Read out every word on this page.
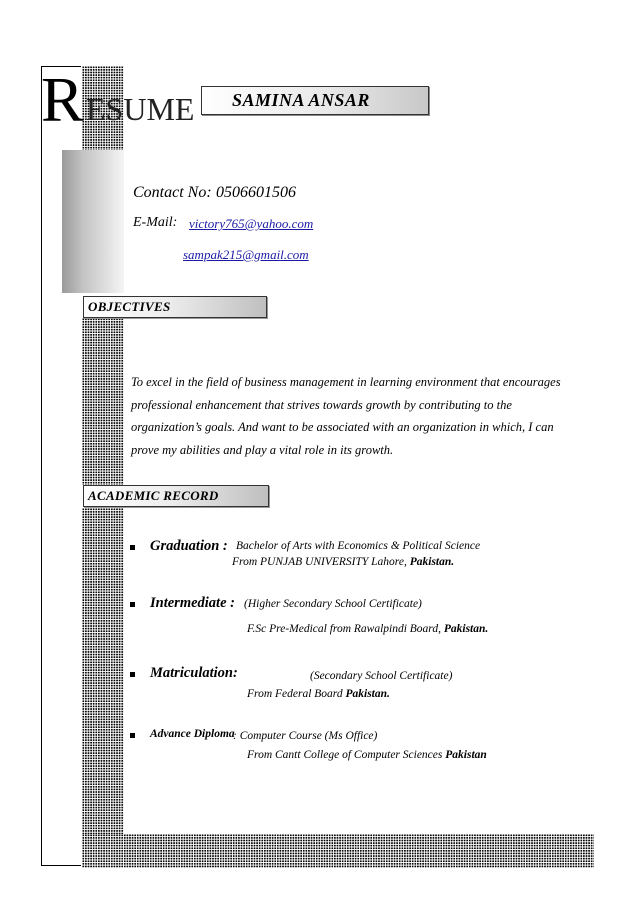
R ESUME SAMINA ANSAR
Contact No: 0506601506
E-Mail: victory765@yahoo.com
sampak215@gmail.com
OBJECTIVES
To excel in the field of business management in learning environment that encourages
professional enhancement that strives towards growth by contributing to the
organization’s goals. And want to be associated with an organization in which, I can
prove my abilities and play a vital role in its growth.
ACADEMIC RECORD
Graduation : Bachelor of Arts with Economics & Political Science
From PUNJAB UNIVERSITY Lahore, Pakistan.
Intermediate : (Higher Secondary School Certificate)
F.Sc Pre-Medical from Rawalpindi Board, Pakistan.
Matriculation:	(Secondary School Certificate)
From Federal Board Pakistan.
Advance Diploma
: Computer Course (Ms Office)
From Cantt College of Computer Sciences Pakistan
